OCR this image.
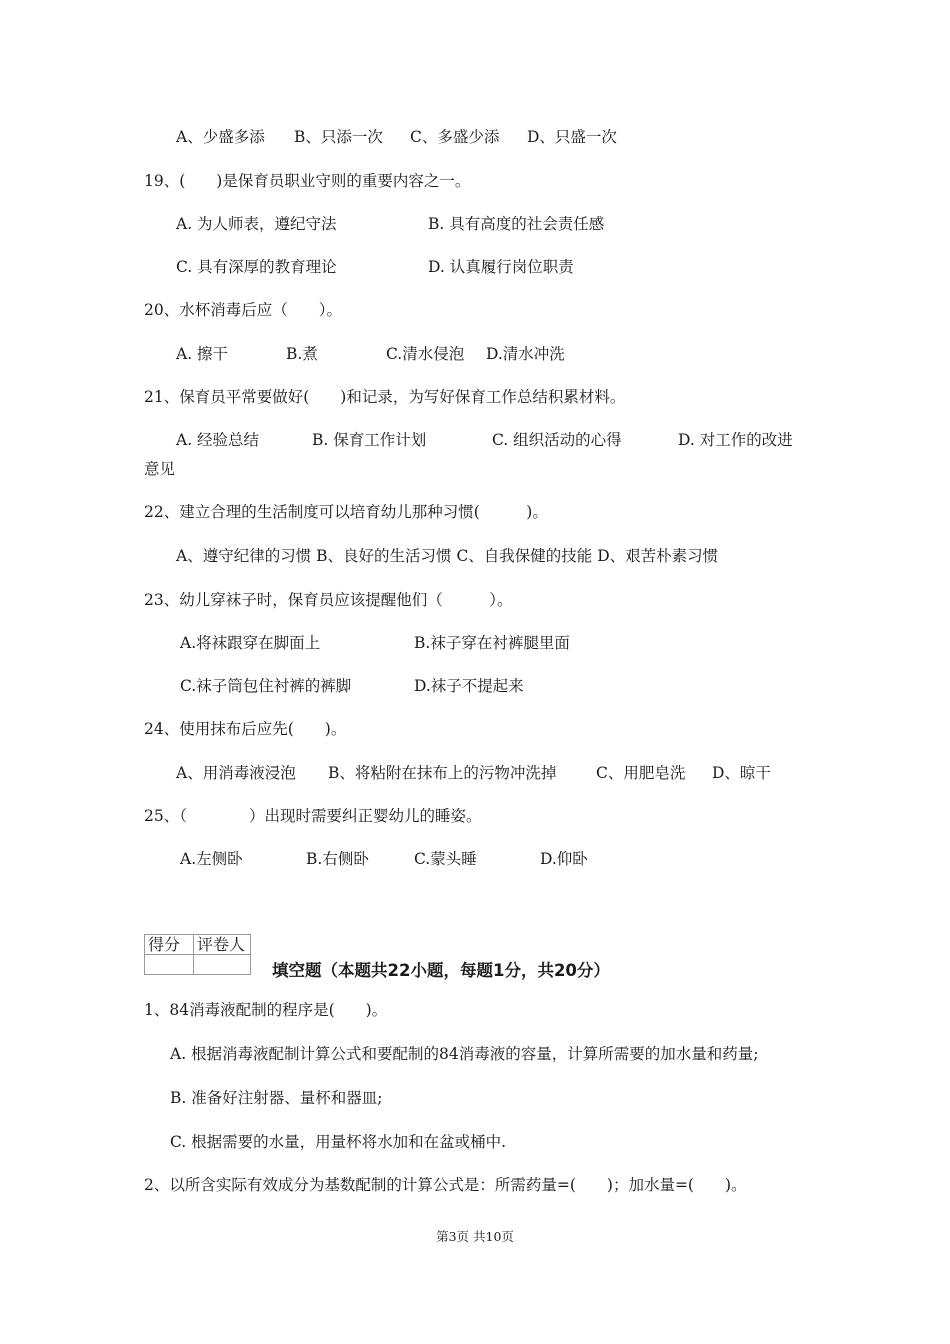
A、少盛多添 B、只添一次 C、多盛少添 D、只盛一次
19、(　　)是保育员职业守则的重要内容之一。
A. 为人师表，遵纪守法	B. 具有高度的社会责任感
C. 具有深厚的教育理论	D. 认真履行岗位职责
20、水杯消毒后应（　　）。
A. 擦干	B.煮	C.清水侵泡 D.清水冲洗
21、保育员平常要做好(　　)和记录，为写好保育工作总结积累材料。
A. 经验总结	B. 保育工作计划	C. 组织活动的心得	D. 对工作的改进
意见
22、建立合理的生活制度可以培育幼儿那种习惯(　　　)。
A、遵守纪律的习惯 B、良好的生活习惯 C、自我保健的技能 D、艰苦朴素习惯
23、幼儿穿袜子时，保育员应该提醒他们（　　　）。
A.将袜跟穿在脚面上	B.袜子穿在衬裤腿里面
C.袜子筒包住衬裤的裤脚	D.袜子不提起来
24、使用抹布后应先(　　)。
A、用消毒液浸泡 B、将粘附在抹布上的污物冲洗掉	C、用肥皂洗 D、晾干
25、（　　　　）出现时需要纠正婴幼儿的睡姿。
A.左侧卧	B.右侧卧	C.蒙头睡	D.仰卧
得分	评卷人

填空题（本题共22小题，每题1分，共20分）
1、84消毒液配制的程序是(　　)。
A. 根据消毒液配制计算公式和要配制的84消毒液的容量，计算所需要的加水量和药量;
B. 准备好注射器、量杯和器皿;
C. 根据需要的水量，用量杯将水加和在盆或桶中.
2、以所含实际有效成分为基数配制的计算公式是：所需药量=(　　)；加水量=(　　)。
第3页 共10页
